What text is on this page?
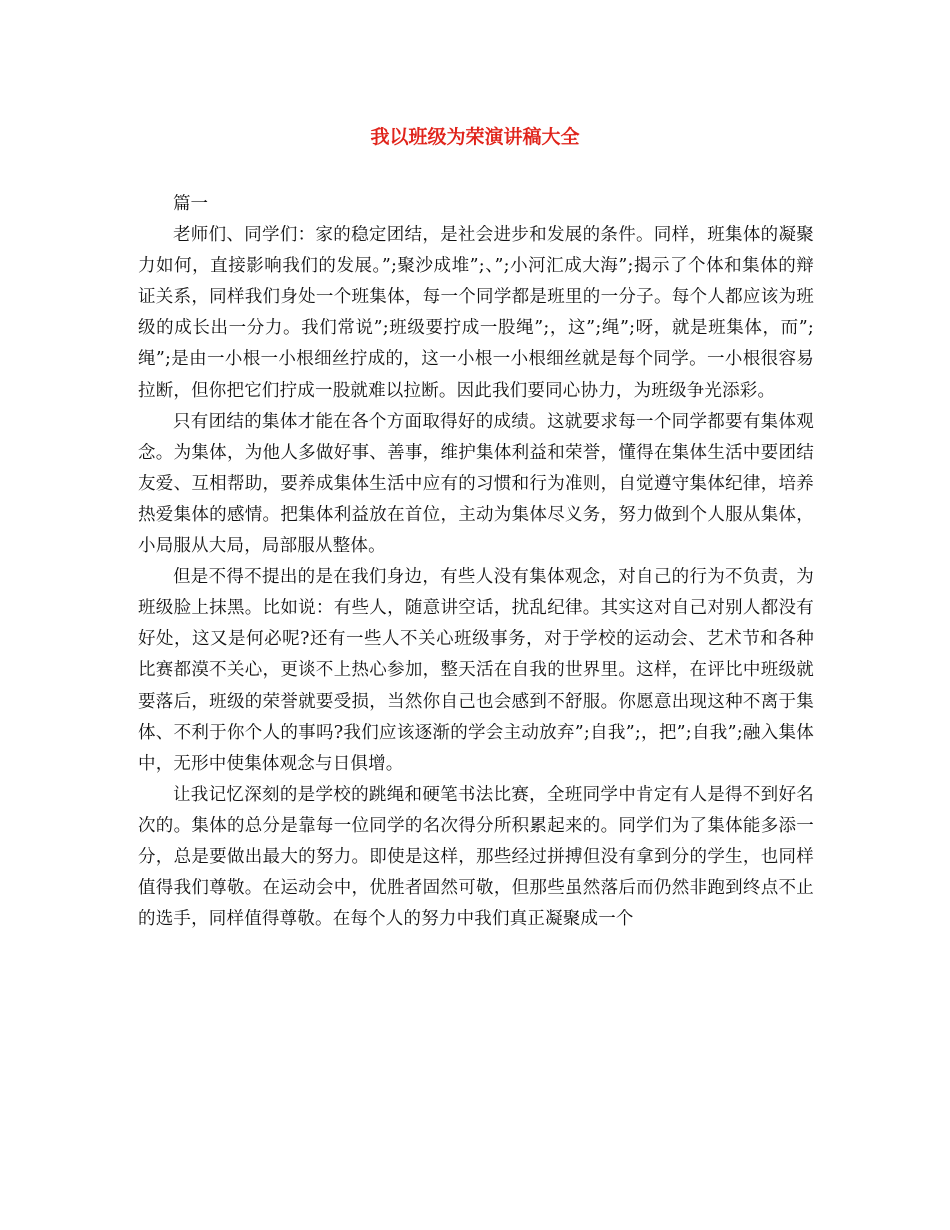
我以班级为荣演讲稿大全

篇一

老师们、同学们：家的稳定团结，是社会进步和发展的条件。同样，班集体的凝聚力如何，直接影响我们的发展。”;聚沙成堆”;、”;小河汇成大海”;揭示了个体和集体的辩证关系，同样我们身处一个班集体，每一个同学都是班里的一分子。每个人都应该为班级的成长出一分力。我们常说”;班级要拧成一股绳”;，这”;绳”;呀，就是班集体，而”;绳”;是由一小根一小根细丝拧成的，这一小根一小根细丝就是每个同学。一小根很容易拉断，但你把它们拧成一股就难以拉断。因此我们要同心协力，为班级争光添彩。

只有团结的集体才能在各个方面取得好的成绩。这就要求每一个同学都要有集体观念。为集体，为他人多做好事、善事，维护集体利益和荣誉，懂得在集体生活中要团结友爱、互相帮助，要养成集体生活中应有的习惯和行为准则，自觉遵守集体纪律，培养热爱集体的感情。把集体利益放在首位，主动为集体尽义务，努力做到个人服从集体，小局服从大局，局部服从整体。

但是不得不提出的是在我们身边，有些人没有集体观念，对自己的行为不负责，为班级脸上抹黑。比如说：有些人，随意讲空话，扰乱纪律。其实这对自己对别人都没有好处，这又是何必呢?还有一些人不关心班级事务，对于学校的运动会、艺术节和各种比赛都漠不关心，更谈不上热心参加，整天活在自我的世界里。这样，在评比中班级就要落后，班级的荣誉就要受损，当然你自己也会感到不舒服。你愿意出现这种不离于集体、不利于你个人的事吗?我们应该逐渐的学会主动放弃”;自我”;，把”;自我”;融入集体中，无形中使集体观念与日俱增。

让我记忆深刻的是学校的跳绳和硬笔书法比赛，全班同学中肯定有人是得不到好名次的。集体的总分是靠每一位同学的名次得分所积累起来的。同学们为了集体能多添一分，总是要做出最大的努力。即使是这样，那些经过拼搏但没有拿到分的学生，也同样值得我们尊敬。在运动会中，优胜者固然可敬，但那些虽然落后而仍然非跑到终点不止的选手，同样值得尊敬。在每个人的努力中我们真正凝聚成一个
